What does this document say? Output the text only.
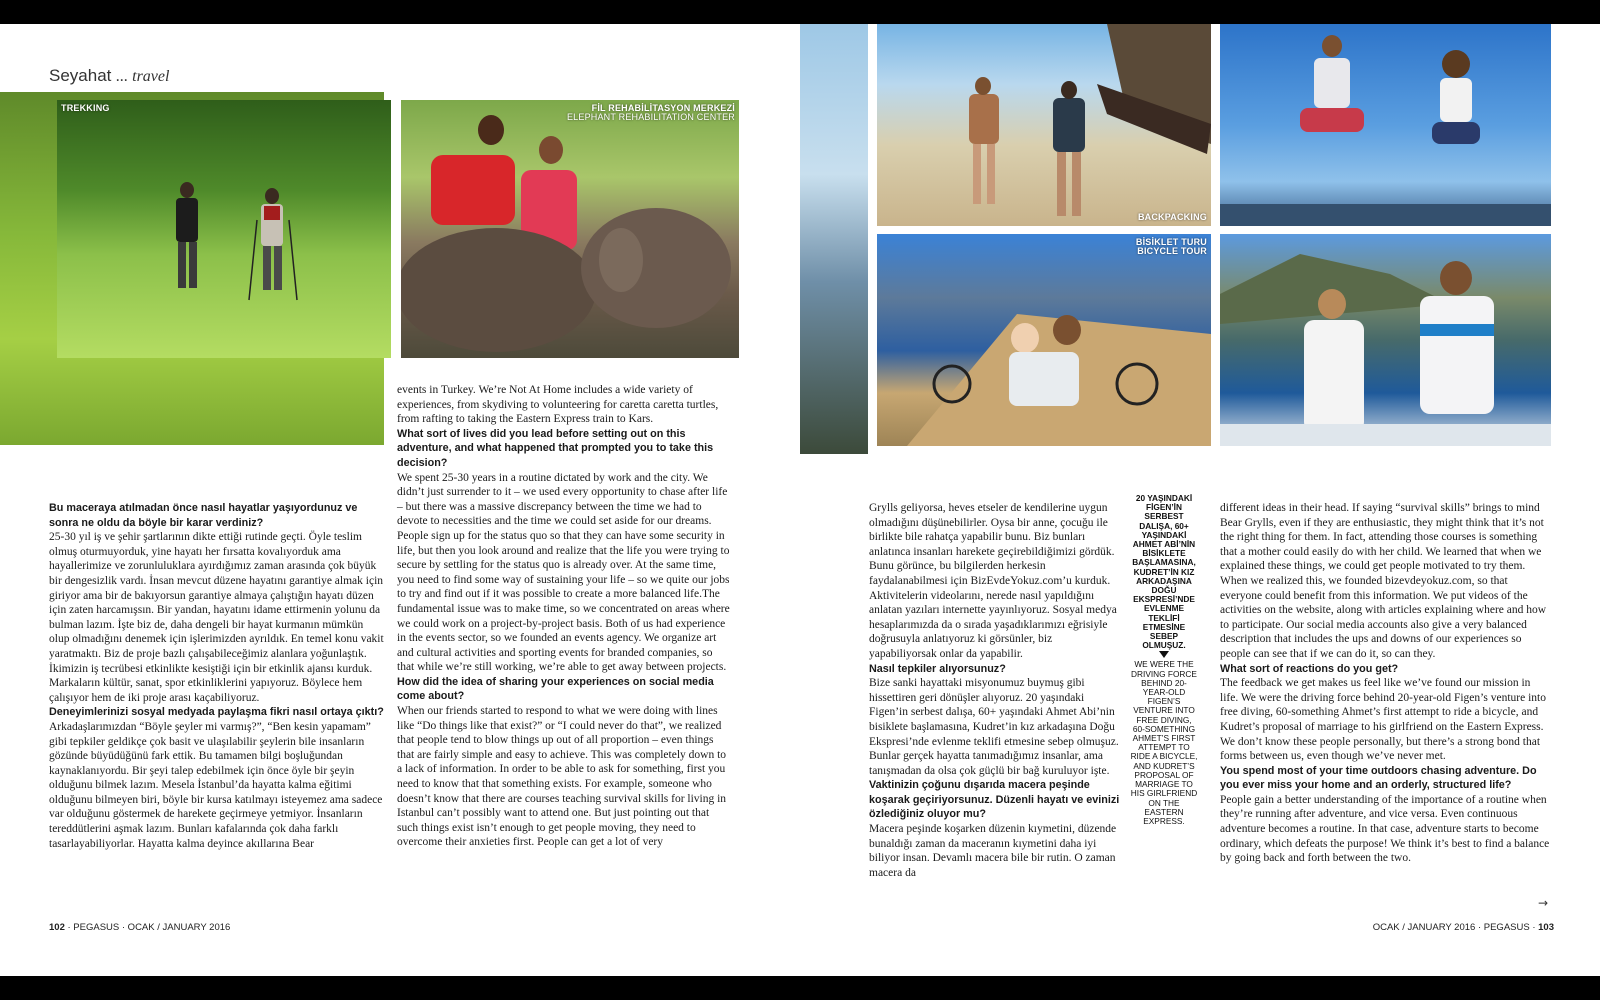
Seyahat ... travel
TREKKING	FİL REHABİLİTASYON MERKEZİ
ELEPHANT REHABILITATION CENTER

Bu maceraya atılmadan önce nasıl hayatlar yaşıyordunuz ve sonra ne oldu da böyle bir karar verdiniz?

25-30 yıl iş ve şehir şartlarının dikte ettiği rutinde geçti. Öyle teslim olmuş oturmuyorduk, yine hayatı her fırsatta kovalıyorduk ama hayallerimize ve zorunluluklara ayırdığımız zaman arasında çok büyük bir dengesizlik vardı. İnsan mevcut düzene hayatını garantiye almak için giriyor ama bir de bakıyorsun garantiye almaya çalıştığın hayatı düzen için zaten harcamışsın. Bir yandan, hayatını idame ettirmenin yolunu da bulman lazım. İşte biz de, daha dengeli bir hayat kurmanın mümkün olup olmadığını denemek için işlerimizden ayrıldık. En temel konu vakit yaratmaktı. Biz de proje bazlı çalışabileceğimiz alanlara yoğunlaştık. İkimizin iş tecrübesi etkinlikte kesiştiği için bir etkinlik ajansı kurduk. Markaların kültür, sanat, spor etkinliklerini yapıyoruz. Böylece hem çalışıyor hem de iki proje arası kaçabiliyoruz.

Deneyimlerinizi sosyal medyada paylaşma fikri nasıl ortaya çıktı?

Arkadaşlarımızdan “Böyle şeyler mi varmış?”, “Ben kesin yapamam” gibi tepkiler geldikçe çok basit ve ulaşılabilir şeylerin bile insanların gözünde büyüdüğünü fark ettik. Bu tamamen bilgi boşluğundan kaynaklanıyordu. Bir şeyi talep edebilmek için önce öyle bir şeyin olduğunu bilmek lazım. Mesela İstanbul’da hayatta kalma eğitimi olduğunu bilmeyen biri, böyle bir kursa katılmayı isteyemez ama sadece var olduğunu göstermek de harekete geçirmeye yetmiyor. İnsanların tereddütlerini aşmak lazım. Bunları kafalarında çok daha farklı tasarlayabiliyorlar. Hayatta kalma deyince akıllarına Bear

events in Turkey. We’re Not At Home includes a wide variety of experiences, from skydiving to volunteering for caretta caretta turtles, from rafting to taking the Eastern Express train to Kars.

What sort of lives did you lead before setting out on this adventure, and what happened that prompted you to take this decision?

We spent 25-30 years in a routine dictated by work and the city. We didn’t just surrender to it – we used every opportunity to chase after life – but there was a massive discrepancy between the time we had to devote to necessities and the time we could set aside for our dreams. People sign up for the status quo so that they can have some security in life, but then you look around and realize that the life you were trying to secure by settling for the status quo is already over. At the same time, you need to find some way of sustaining your life – so we quite our jobs to try and find out if it was possible to create a more balanced life.The fundamental issue was to make time, so we concentrated on areas where we could work on a project-by-project basis. Both of us had experience in the events sector, so we founded an events agency. We organize art and cultural activities and sporting events for branded companies, so that while we’re still working, we’re able to get away between projects.

How did the idea of sharing your experiences on social media come about?

When our friends started to respond to what we were doing with lines like “Do things like that exist?” or “I could never do that”, we realized that people tend to blow things up out of all proportion – even things that are fairly simple and easy to achieve. This was completely down to a lack of information. In order to be able to ask for something, first you need to know that that something exists. For example, someone who doesn’t know that there are courses teaching survival skills for living in Istanbul can’t possibly want to attend one. But just pointing out that such things exist isn’t enough to get people moving, they need to overcome their anxieties first. People can get a lot of very

102 · PEGASUS · OCAK / JANUARY 2016
BACKPACKING
BİSİKLET TURU
BICYCLE TOUR

Grylls geliyorsa, heves etseler de kendilerine uygun olmadığını düşünebilirler. Oysa bir anne, çocuğu ile birlikte bile rahatça yapabilir bunu. Biz bunları anlatınca insanları harekete geçirebildiğimizi gördük. Bunu görünce, bu bilgilerden herkesin faydalanabilmesi için BizEvdeYokuz.com’u kurduk. Aktivitelerin videolarını, nerede nasıl yapıldığını anlatan yazıları internette yayınlıyoruz. Sosyal medya hesaplarımızda da o sırada yaşadıklarımızı eğrisiyle doğrusuyla anlatıyoruz ki görsünler, biz yapabiliyorsak onlar da yapabilir.

Nasıl tepkiler alıyorsunuz?

Bize sanki hayattaki misyonumuz buymuş gibi hissettiren geri dönüşler alıyoruz. 20 yaşındaki Figen’in serbest dalışa, 60+ yaşındaki Ahmet Abi’nin bisiklete başlamasına, Kudret’in kız arkadaşına Doğu Ekspresi’nde evlenme teklifi etmesine sebep olmuşuz. Bunlar gerçek hayatta tanımadığımız insanlar, ama tanışmadan da olsa çok güçlü bir bağ kuruluyor işte.

Vaktinizin çoğunu dışarıda macera peşinde koşarak geçiriyorsunuz. Düzenli hayatı ve evinizi özlediğiniz oluyor mu?

Macera peşinde koşarken düzenin kıymetini, düzende bunaldığı zaman da maceranın kıymetini daha iyi biliyor insan. Devamlı macera bile bir rutin. O zaman macera da

20 YAŞINDAKİ FİGEN’İN SERBEST DALIŞA, 60+ YAŞINDAKİ AHMET ABİ’NİN BİSİKLETE BAŞLAMASINA, KUDRET’İN KIZ ARKADAŞINA DOĞU EKSPRESİ’NDE EVLENME TEKLİFİ ETMESİNE SEBEP OLMUŞUZ.
WE WERE THE DRIVING FORCE BEHIND 20-YEAR-OLD FIGEN’S VENTURE INTO FREE DIVING, 60-SOMETHING AHMET’S FIRST ATTEMPT TO RIDE A BICYCLE, AND KUDRET’S PROPOSAL OF MARRIAGE TO HIS GIRLFRIEND ON THE EASTERN EXPRESS.

different ideas in their head. If saying “survival skills” brings to mind Bear Grylls, even if they are enthusiastic, they might think that it’s not the right thing for them. In fact, attending those courses is something that a mother could easily do with her child. We learned that when we explained these things, we could get people motivated to try them. When we realized this, we founded bizevdeyokuz.com, so that everyone could benefit from this information. We put videos of the activities on the website, along with articles explaining where and how to participate. Our social media accounts also give a very balanced description that includes the ups and downs of our experiences so people can see that if we can do it, so can they.

What sort of reactions do you get?

The feedback we get makes us feel like we’ve found our mission in life. We were the driving force behind 20-year-old Figen’s venture into free diving, 60-something Ahmet’s first attempt to ride a bicycle, and Kudret’s proposal of marriage to his girlfriend on the Eastern Express. We don’t know these people personally, but there’s a strong bond that forms between us, even though we’ve never met.

You spend most of your time outdoors chasing adventure. Do you ever miss your home and an orderly, structured life?

People gain a better understanding of the importance of a routine when they’re running after adventure, and vice versa. Even continuous adventure becomes a routine. In that case, adventure starts to become ordinary, which defeats the purpose! We think it’s best to find a balance by going back and forth between the two.

→
OCAK / JANUARY 2016 · PEGASUS · 103
